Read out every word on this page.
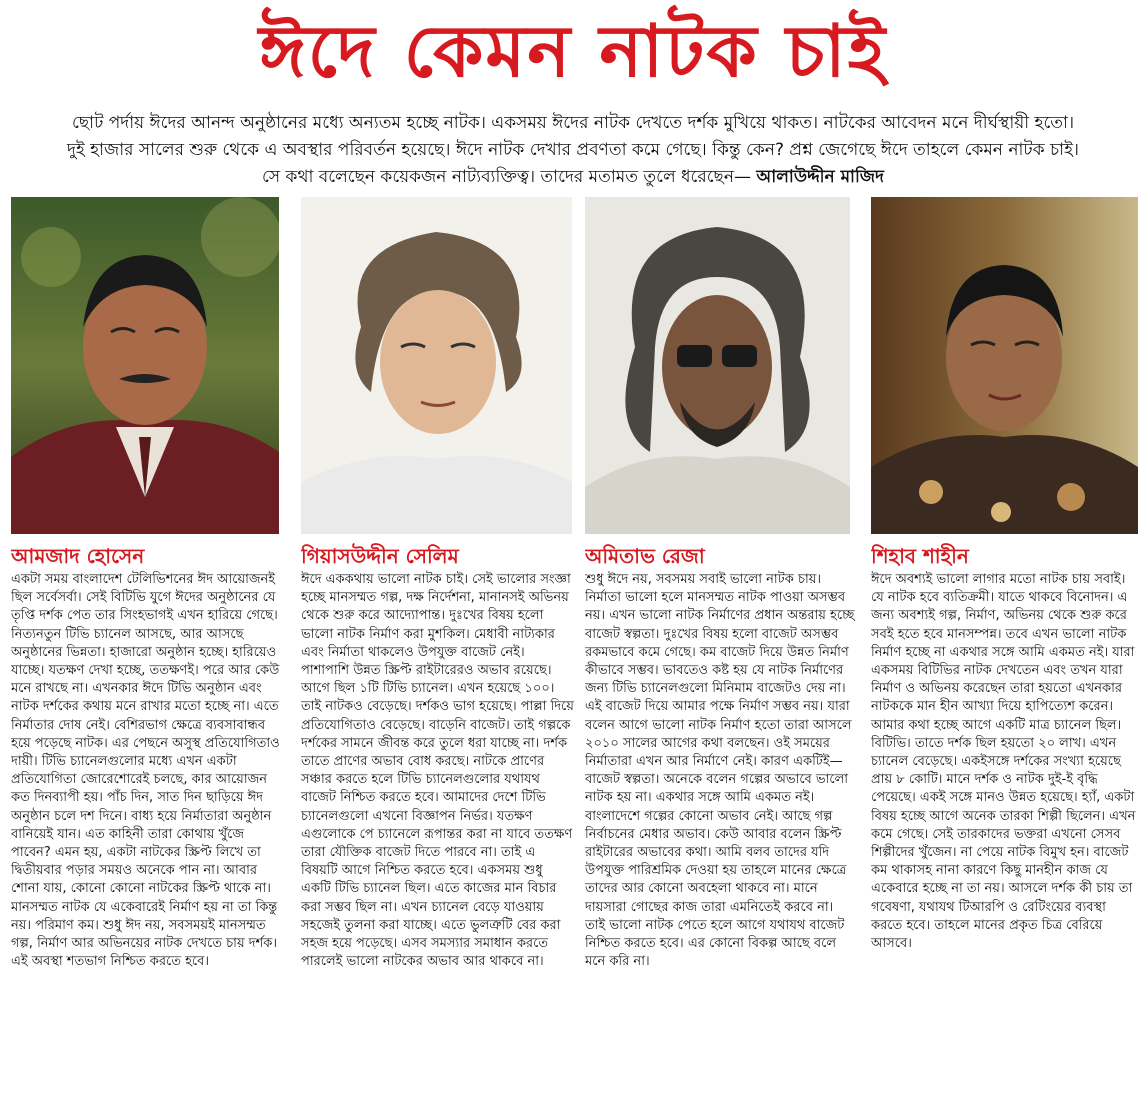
ঈদে কেমন নাটক চাই

ছোট পর্দায় ঈদের আনন্দ অনুষ্ঠানের মধ্যে অন্যতম হচ্ছে নাটক। একসময় ঈদের নাটক দেখতে দর্শক মুখিয়ে থাকত। নাটকের আবেদন মনে দীর্ঘস্থায়ী হতো।

দুই হাজার সালের শুরু থেকে এ অবস্থার পরিবর্তন হয়েছে। ঈদে নাটক দেখার প্রবণতা কমে গেছে। কিন্তু কেন? প্রশ্ন জেগেছে ঈদে তাহলে কেমন নাটক চাই।

সে কথা বলেছেন কয়েকজন নাট্যব্যক্তিত্ব। তাদের মতামত তুলে ধরেছেন— আলাউদ্দীন মাজিদ

আমজাদ হোসেন

একটা সময় বাংলাদেশ টেলিভিশনের ঈদ আয়োজনই ছিল সর্বেসর্বা। সেই বিটিভি যুগে ঈদের অনুষ্ঠানের যে তৃপ্তি দর্শক পেত তার সিংহভাগই এখন হারিয়ে গেছে। নিত্যনতুন টিভি চ্যানেল আসছে, আর আসছে অনুষ্ঠানের ভিন্নতা। হাজারো অনুষ্ঠান হচ্ছে। হারিয়েও যাচ্ছে। যতক্ষণ দেখা হচ্ছে, ততক্ষণই। পরে আর কেউ মনে রাখছে না। এখনকার ঈদে টিভি অনুষ্ঠান এবং নাটক দর্শকের কথায় মনে রাখার মতো হচ্ছে না। এতে নির্মাতার দোষ নেই। বেশিরভাগ ক্ষেত্রে ব্যবসাবান্ধব হয়ে পড়েছে নাটক। এর পেছনে অসুস্থ প্রতিযোগিতাও দায়ী। টিভি চ্যানেলগুলোর মধ্যে এখন একটা প্রতিযোগিতা জোরেশোরেই চলছে, কার আয়োজন কত দিনব্যাপী হয়। পাঁচ দিন, সাত দিন ছাড়িয়ে ঈদ অনুষ্ঠান চলে দশ দিনে। বাধ্য হয়ে নির্মাতারা অনুষ্ঠান বানিয়েই যান। এত কাহিনী তারা কোথায় খুঁজে পাবেন? এমন হয়, একটা নাটকের স্ক্রিপ্ট লিখে তা দ্বিতীয়বার পড়ার সময়ও অনেকে পান না। আবার শোনা যায়, কোনো কোনো নাটকের স্ক্রিপ্ট থাকে না। মানসম্মত নাটক যে একেবারেই নির্মাণ হয় না তা কিন্তু নয়। পরিমাণ কম। শুধু ঈদ নয়, সবসময়ই মানসম্মত গল্প, নির্মাণ আর অভিনয়ের নাটক দেখতে চায় দর্শক। এই অবস্থা শতভাগ নিশ্চিত করতে হবে।

গিয়াসউদ্দীন সেলিম

ঈদে এককথায় ভালো নাটক চাই। সেই ভালোর সংজ্ঞা হচ্ছে মানসম্মত গল্প, দক্ষ নির্দেশনা, মানানসই অভিনয় থেকে শুরু করে আদ্যোপান্ত। দুঃখের বিষয় হলো ভালো নাটক নির্মাণ করা মুশকিল। মেধাবী নাট্যকার এবং নির্মাতা থাকলেও উপযুক্ত বাজেট নেই। পাশাপাশি উন্নত স্ক্রিপ্ট রাইটারেরও অভাব রয়েছে। আগে ছিল ১টি টিভি চ্যানেল। এখন হয়েছে ১০০। তাই নাটকও বেড়েছে। দর্শকও ভাগ হয়েছে। পাল্লা দিয়ে প্রতিযোগিতাও বেড়েছে। বাড়েনি বাজেট। তাই গল্পকে দর্শকের সামনে জীবন্ত করে তুলে ধরা যাচ্ছে না। দর্শক তাতে প্রাণের অভাব বোধ করছে। নাটকে প্রাণের সঞ্চার করতে হলে টিভি চ্যানেলগুলোর যথাযথ বাজেট নিশ্চিত করতে হবে। আমাদের দেশে টিভি চ্যানেলগুলো এখনো বিজ্ঞাপন নির্ভর। যতক্ষণ এগুলোকে পে চ্যানেলে রূপান্তর করা না যাবে ততক্ষণ তারা যৌক্তিক বাজেট দিতে পারবে না। তাই এ বিষয়টি আগে নিশ্চিত করতে হবে। একসময় শুধু একটি টিভি চ্যানেল ছিল। এতে কাজের মান বিচার করা সম্ভব ছিল না। এখন চ্যানেল বেড়ে যাওয়ায় সহজেই তুলনা করা যাচ্ছে। এতে ভুলত্রুটি বের করা সহজ হয়ে পড়েছে। এসব সমস্যার সমাধান করতে পারলেই ভালো নাটকের অভাব আর থাকবে না।

অমিতাভ রেজা

শুধু ঈদে নয়, সবসময় সবাই ভালো নাটক চায়। নির্মাতা ভালো হলে মানসম্মত নাটক পাওয়া অসম্ভব নয়। এখন ভালো নাটক নির্মাণের প্রধান অন্তরায় হচ্ছে বাজেট স্বল্পতা। দুঃখের বিষয় হলো বাজেট অসম্ভব রকমভাবে কমে গেছে। কম বাজেট দিয়ে উন্নত নির্মাণ কীভাবে সম্ভব। ভাবতেও কষ্ট হয় যে নাটক নির্মাণের জন্য টিভি চ্যানেলগুলো মিনিমাম বাজেটও দেয় না। এই বাজেট দিয়ে আমার পক্ষে নির্মাণ সম্ভব নয়। যারা বলেন আগে ভালো নাটক নির্মাণ হতো তারা আসলে ২০১০ সালের আগের কথা বলছেন। ওই সময়ের নির্মাতারা এখন আর নির্মাণে নেই। কারণ একটিই— বাজেট স্বল্পতা। অনেকে বলেন গল্পের অভাবে ভালো নাটক হয় না। একথার সঙ্গে আমি একমত নই। বাংলাদেশে গল্পের কোনো অভাব নেই। আছে গল্প নির্বাচনের মেধার অভাব। কেউ আবার বলেন স্ক্রিপ্ট রাইটারের অভাবের কথা। আমি বলব তাদের যদি উপযুক্ত পারিশ্রমিক দেওয়া হয় তাহলে মানের ক্ষেত্রে তাদের আর কোনো অবহেলা থাকবে না। মানে দায়সারা গোছের কাজ তারা এমনিতেই করবে না। তাই ভালো নাটক পেতে হলে আগে যথাযথ বাজেট নিশ্চিত করতে হবে। এর কোনো বিকল্প আছে বলে মনে করি না।

শিহাব শাহীন

ঈদে অবশ্যই ভালো লাগার মতো নাটক চায় সবাই। যে নাটক হবে ব্যতিক্রমী। যাতে থাকবে বিনোদন। এ জন্য অবশ্যই গল্প, নির্মাণ, অভিনয় থেকে শুরু করে সবই হতে হবে মানসম্পন্ন। তবে এখন ভালো নাটক নির্মাণ হচ্ছে না একথার সঙ্গে আমি একমত নই। যারা একসময় বিটিভির নাটক দেখতেন এবং তখন যারা নির্মাণ ও অভিনয় করেছেন তারা হয়তো এখনকার নাটককে মান হীন আখ্যা দিয়ে হাপিত্যেশ করেন। আমার কথা হচ্ছে আগে একটি মাত্র চ্যানেল ছিল। বিটিভি। তাতে দর্শক ছিল হয়তো ২০ লাখ। এখন চ্যানেল বেড়েছে। একইসঙ্গে দর্শকের সংখ্যা হয়েছে প্রায় ৮ কোটি। মানে দর্শক ও নাটক দুই-ই বৃদ্ধি পেয়েছে। একই সঙ্গে মানও উন্নত হয়েছে। হ্যাঁ, একটা বিষয় হচ্ছে আগে অনেক তারকা শিল্পী ছিলেন। এখন কমে গেছে। সেই তারকাদের ভক্তরা এখনো সেসব শিল্পীদের খুঁজেন। না পেয়ে নাটক বিমুখ হন। বাজেট কম থাকাসহ নানা কারণে কিছু মানহীন কাজ যে একেবারে হচ্ছে না তা নয়। আসলে দর্শক কী চায় তা গবেষণা, যথাযথ টিআরপি ও রেটিংয়ের ব্যবস্থা করতে হবে। তাহলে মানের প্রকৃত চিত্র বেরিয়ে আসবে।
